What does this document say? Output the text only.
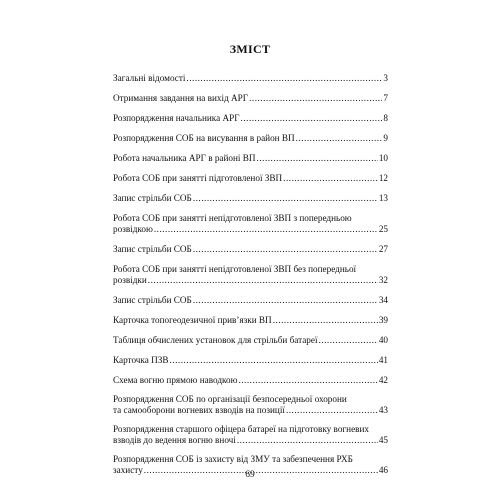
ЗМІСТ
Загальні відомості .....	3
Отримання завдання на вихід АРГ .....	7
Розпорядження начальника АРГ .....	8
Розпорядження СОБ на висування в район ВП .....	9
Робота начальника АРГ в районі ВП .....	10
Робота СОБ при занятті підготовленої ЗВП .....	12
Запис стрільби СОБ .....	13
Робота СОБ при занятті непідготовленої ЗВП з попередньою
розвідкою .....	25
Запис стрільби СОБ .....	27
Робота СОБ при занятті непідготовленої ЗВП без попередньої
розвідки .....	32
Запис стрільби СОБ .....	34
Карточка топогеодезичної прив’язки ВП .....	39
Таблиця обчислених установок для стрільби батареї .....	40
Карточка ПЗВ .....	41
Схема вогню прямою наводкою .....	42
Розпорядження СОБ по організації безпосередньої охорони
та самооборони вогневих взводів на позиції .....	43
Розпорядження старшого офіцера батареї на підготовку вогневих
взводів до ведення вогню вночі .....	45
Розпорядження СОБ із захисту від ЗМУ та забезпечення РХБ
захисту .....	46
69
